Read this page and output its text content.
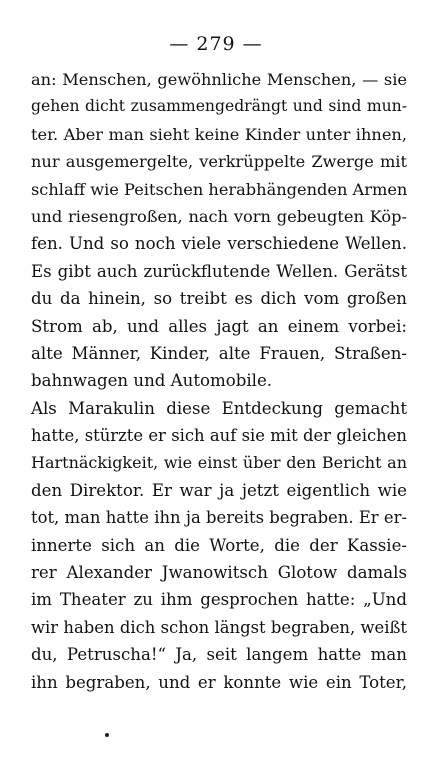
— 279 —
an: Menschen, gewöhnliche Menschen, — sie
gehen dicht zusammengedrängt und sind mun-
ter. Aber man sieht keine Kinder unter ihnen,
nur ausgemergelte, verkrüppelte Zwerge mit
schlaff wie Peitschen herabhängenden Armen
und riesengroßen, nach vorn gebeugten Köp-
fen. Und so noch viele verschiedene Wellen.
Es gibt auch zurückflutende Wellen. Gerätst
du da hinein, so treibt es dich vom großen
Strom ab, und alles jagt an einem vorbei:
alte Männer, Kinder, alte Frauen, Straßen-
bahnwagen und Automobile.
Als Marakulin diese Entdeckung gemacht
hatte, stürzte er sich auf sie mit der gleichen
Hartnäckigkeit, wie einst über den Bericht an
den Direktor. Er war ja jetzt eigentlich wie
tot, man hatte ihn ja bereits begraben. Er er-
innerte sich an die Worte, die der Kassie-
rer Alexander Jwanowitsch Glotow damals
im Theater zu ihm gesprochen hatte: „Und
wir haben dich schon längst begraben, weißt
du, Petruscha!“ Ja, seit langem hatte man
ihn begraben, und er konnte wie ein Toter,
